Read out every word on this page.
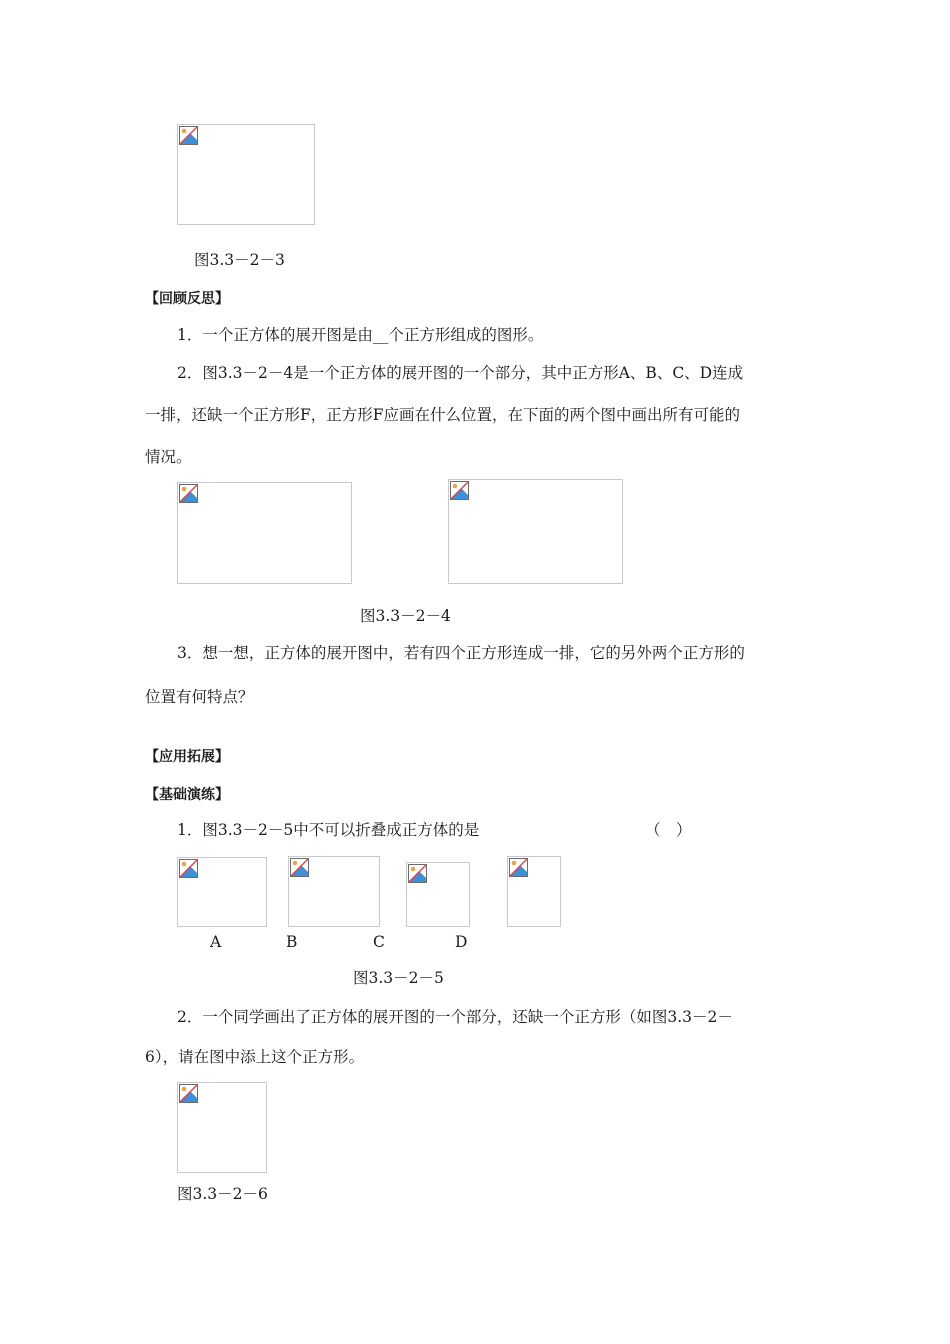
图3.3－2－3
【回顾反思】
1．一个正方体的展开图是由__个正方形组成的图形。
2．图3.3－2－4是一个正方体的展开图的一个部分，其中正方形A、B、C、D连成
一排，还缺一个正方形F，正方形F应画在什么位置，在下面的两个图中画出所有可能的
情况。
图3.3－2－4
3．想一想，正方体的展开图中，若有四个正方形连成一排，它的另外两个正方形的
位置有何特点？
【应用拓展】
【基础演练】
1．图3.3－2－5中不可以折叠成正方体的是	（　）
A	B	C	D
图3.3－2－5
2．一个同学画出了正方体的展开图的一个部分，还缺一个正方形（如图3.3－2－
6），请在图中添上这个正方形。
图3.3－2－6
